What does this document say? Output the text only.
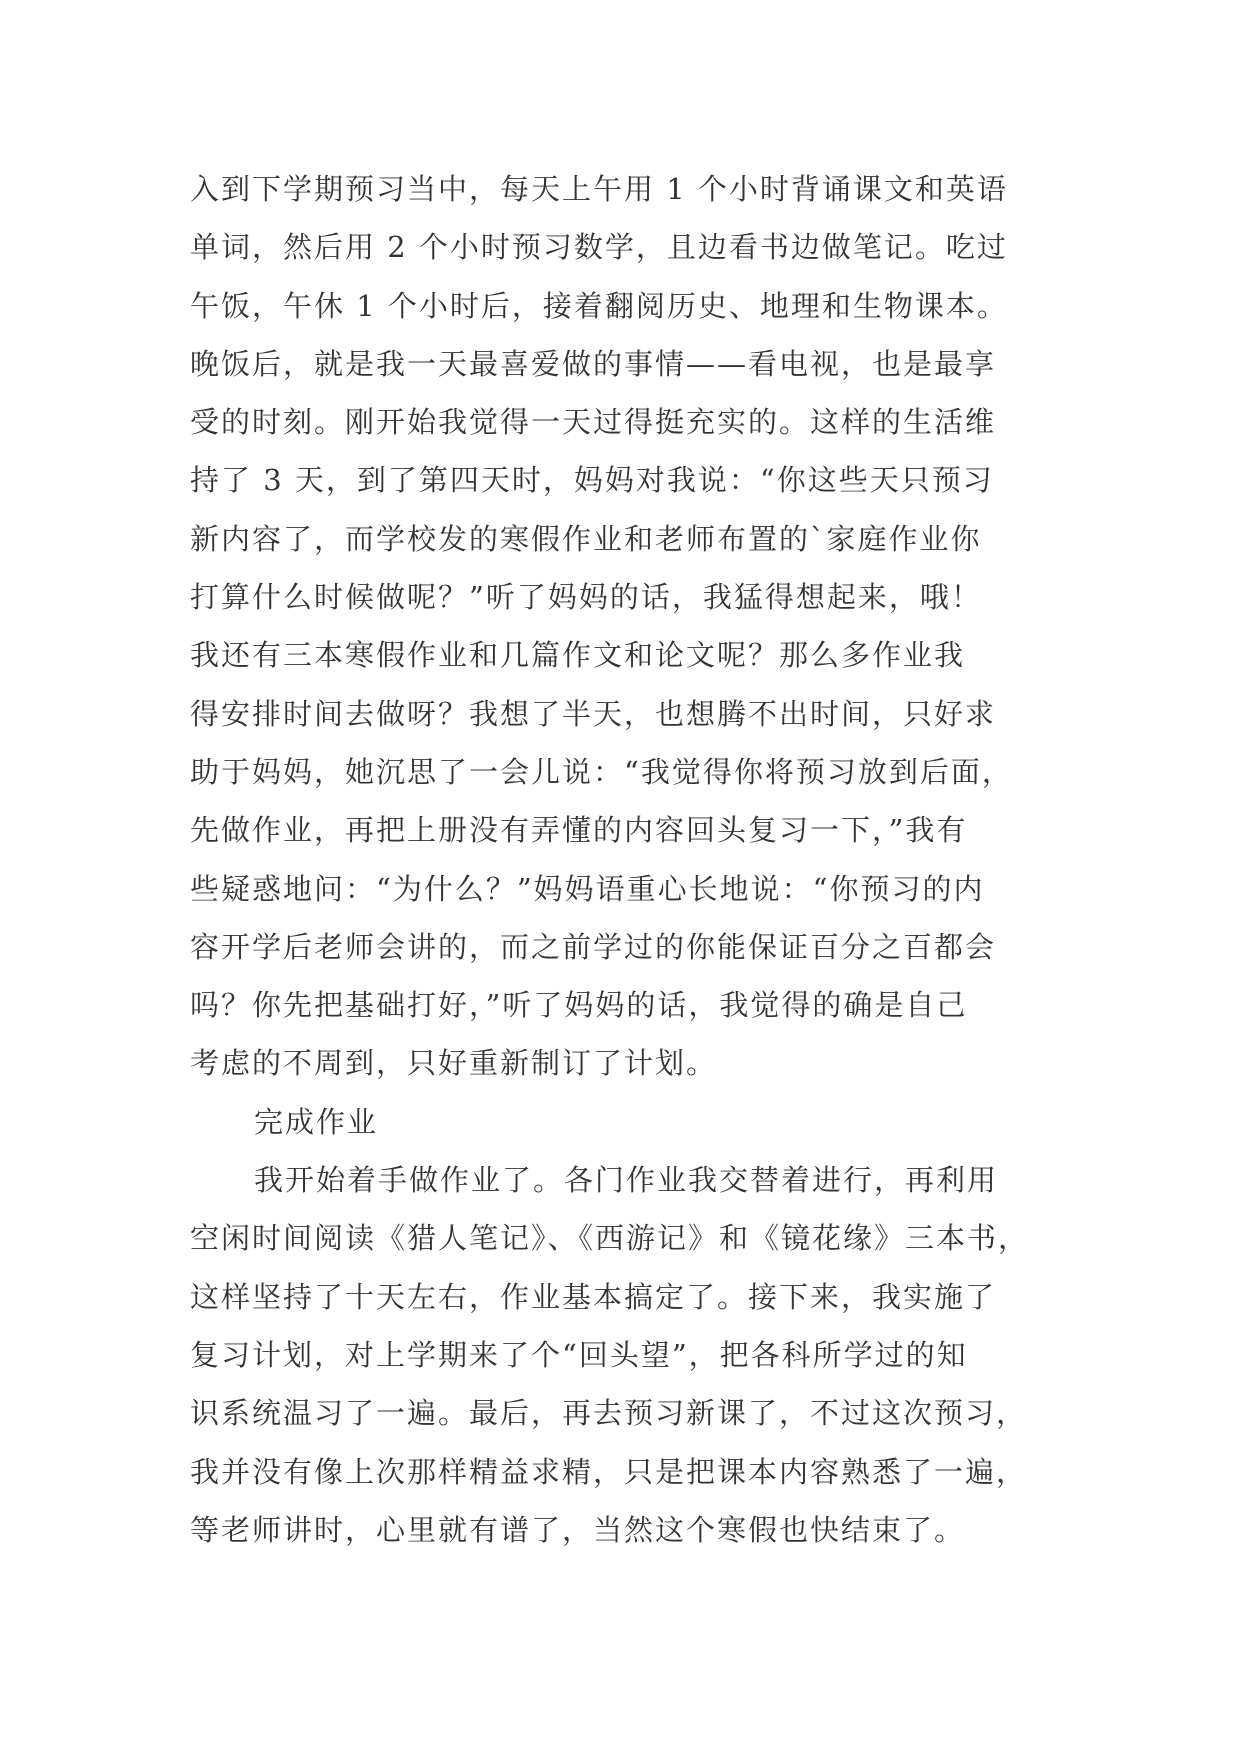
入到下学期预习当中，每天上午用 1 个小时背诵课文和英语
单词，然后用 2 个小时预习数学，且边看书边做笔记。吃过
午饭，午休 1 个小时后，接着翻阅历史、地理和生物课本。
晚饭后，就是我一天最喜爱做的事情——看电视，也是最享
受的时刻。刚开始我觉得一天过得挺充实的。这样的生活维
持了 3 天，到了第四天时，妈妈对我说：“你这些天只预习
新内容了，而学校发的寒假作业和老师布置的`家庭作业你
打算什么时候做呢？”听了妈妈的话，我猛得想起来，哦！
我还有三本寒假作业和几篇作文和论文呢？那么多作业我
得安排时间去做呀？我想了半天，也想腾不出时间，只好求
助于妈妈，她沉思了一会儿说：“我觉得你将预习放到后面，
先做作业，再把上册没有弄懂的内容回头复习一下，”我有
些疑惑地问：“为什么？”妈妈语重心长地说：“你预习的内
容开学后老师会讲的，而之前学过的你能保证百分之百都会
吗？你先把基础打好，”听了妈妈的话，我觉得的确是自己
考虑的不周到，只好重新制订了计划。
完成作业
我开始着手做作业了。各门作业我交替着进行，再利用
空闲时间阅读《猎人笔记》、《西游记》和《镜花缘》三本书，
这样坚持了十天左右，作业基本搞定了。接下来，我实施了
复习计划，对上学期来了个“回头望”，把各科所学过的知
识系统温习了一遍。最后，再去预习新课了，不过这次预习，
我并没有像上次那样精益求精，只是把课本内容熟悉了一遍，
等老师讲时，心里就有谱了，当然这个寒假也快结束了。
